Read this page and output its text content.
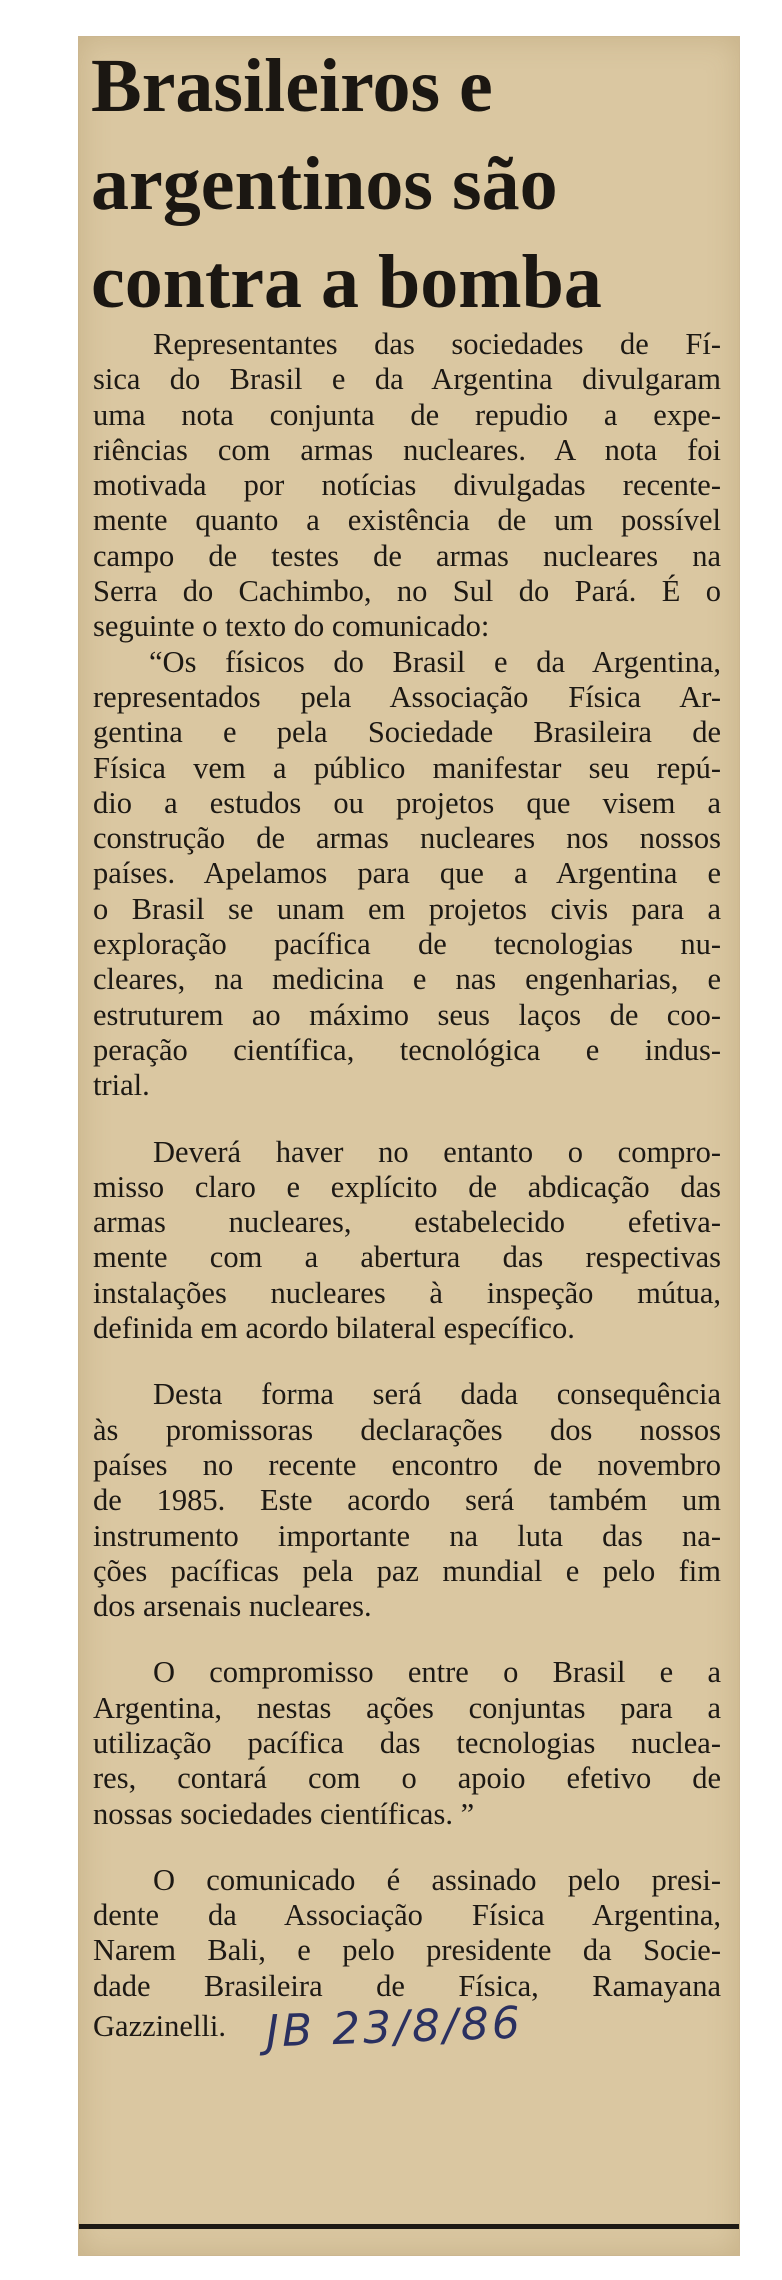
Brasileiros e
argentinos são
contra a bomba

Representantes das sociedades de Fí-
sica do Brasil e da Argentina divulgaram
uma nota conjunta de repudio a expe-
riências com armas nucleares. A nota foi
motivada por notícias divulgadas recente-
mente quanto a existência de um possível
campo de testes de armas nucleares na
Serra do Cachimbo, no Sul do Pará. É o
seguinte o texto do comunicado:

“Os físicos do Brasil e da Argentina,
representados pela Associação Física Ar-
gentina e pela Sociedade Brasileira de
Física vem a público manifestar seu repú-
dio a estudos ou projetos que visem a
construção de armas nucleares nos nossos
países. Apelamos para que a Argentina e
o Brasil se unam em projetos civis para a
exploração pacífica de tecnologias nu-
cleares, na medicina e nas engenharias, e
estruturem ao máximo seus laços de coo-
peração científica, tecnológica e indus-
trial.

Deverá haver no entanto o compro-
misso claro e explícito de abdicação das
armas nucleares, estabelecido efetiva-
mente com a abertura das respectivas
instalações nucleares à inspeção mútua,
definida em acordo bilateral específico.

Desta forma será dada consequência
às promissoras declarações dos nossos
países no recente encontro de novembro
de 1985. Este acordo será também um
instrumento importante na luta das na-
ções pacíficas pela paz mundial e pelo fim
dos arsenais nucleares.

O compromisso entre o Brasil e a
Argentina, nestas ações conjuntas para a
utilização pacífica das tecnologias nuclea-
res, contará com o apoio efetivo de
nossas sociedades científicas. ”

O comunicado é assinado pelo presi-
dente da Associação Física Argentina,
Narem Bali, e pelo presidente da Socie-
dade Brasileira de Física, Ramayana
Gazzinelli. JB 23/8/86
